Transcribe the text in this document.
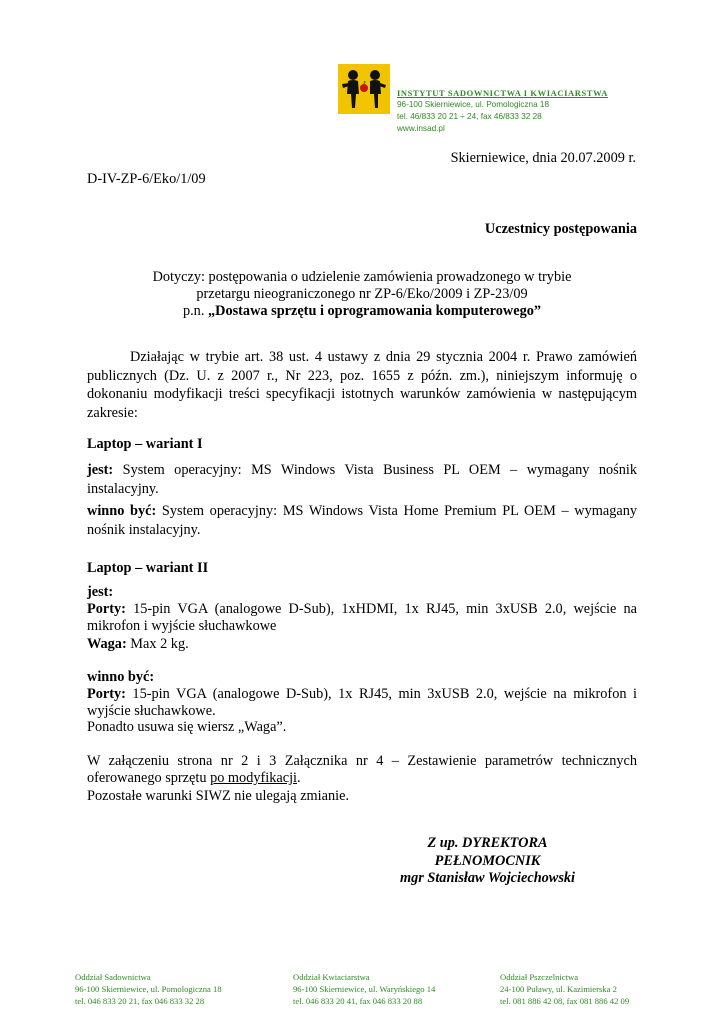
INSTYTUT SADOWNICTWA I KWIACIARSTWA
96-100 Skierniewice, ul. Pomologiczna 18
tel. 46/833 20 21 ÷ 24, fax 46/833 32 28
www.insad.pl
Skierniewice, dnia 20.07.2009 r.
D-IV-ZP-6/Eko/1/09
Uczestnicy postępowania
Dotyczy: postępowania o udzielenie zamówienia prowadzonego w trybie
przetargu nieograniczonego nr ZP-6/Eko/2009 i ZP-23/09
p.n. „Dostawa sprzętu i oprogramowania komputerowego”
Działając w trybie art. 38 ust. 4 ustawy z dnia 29 stycznia 2004 r. Prawo zamówień publicznych (Dz. U. z 2007 r., Nr 223, poz. 1655 z późn. zm.), niniejszym informuję o dokonaniu modyfikacji treści specyfikacji istotnych warunków zamówienia w następującym zakresie:
Laptop – wariant I
jest: System operacyjny: MS Windows Vista Business PL OEM – wymagany nośnik instalacyjny.
winno być: System operacyjny: MS Windows Vista Home Premium PL OEM – wymagany nośnik instalacyjny.
Laptop – wariant II
jest:
Porty: 15-pin VGA (analogowe D-Sub), 1xHDMI, 1x RJ45, min 3xUSB 2.0, wejście na mikrofon i wyjście słuchawkowe
Waga: Max 2 kg.
winno być:
Porty: 15-pin VGA (analogowe D-Sub), 1x RJ45, min 3xUSB 2.0, wejście na mikrofon i wyjście słuchawkowe.
Ponadto usuwa się wiersz „Waga”.
W załączeniu strona nr 2 i 3 Załącznika nr 4 – Zestawienie parametrów technicznych oferowanego sprzętu po modyfikacji.
Pozostałe warunki SIWZ nie ulegają zmianie.
Z up. DYREKTORA
PEŁNOMOCNIK
mgr Stanisław Wojciechowski
Oddział Sadownictwa
96-100 Skierniewice, ul. Pomologiczna 18
tel. 046 833 20 21, fax 046 833 32 28
Oddział Kwiaciarstwa
96-100 Skierniewice, ul. Waryńskiego 14
tel. 046 833 20 41, fax 046 833 20 88
Oddział Pszczelnictwa
24-100 Puławy, ul. Kazimierska 2
tel. 081 886 42 08, fax 081 886 42 09
